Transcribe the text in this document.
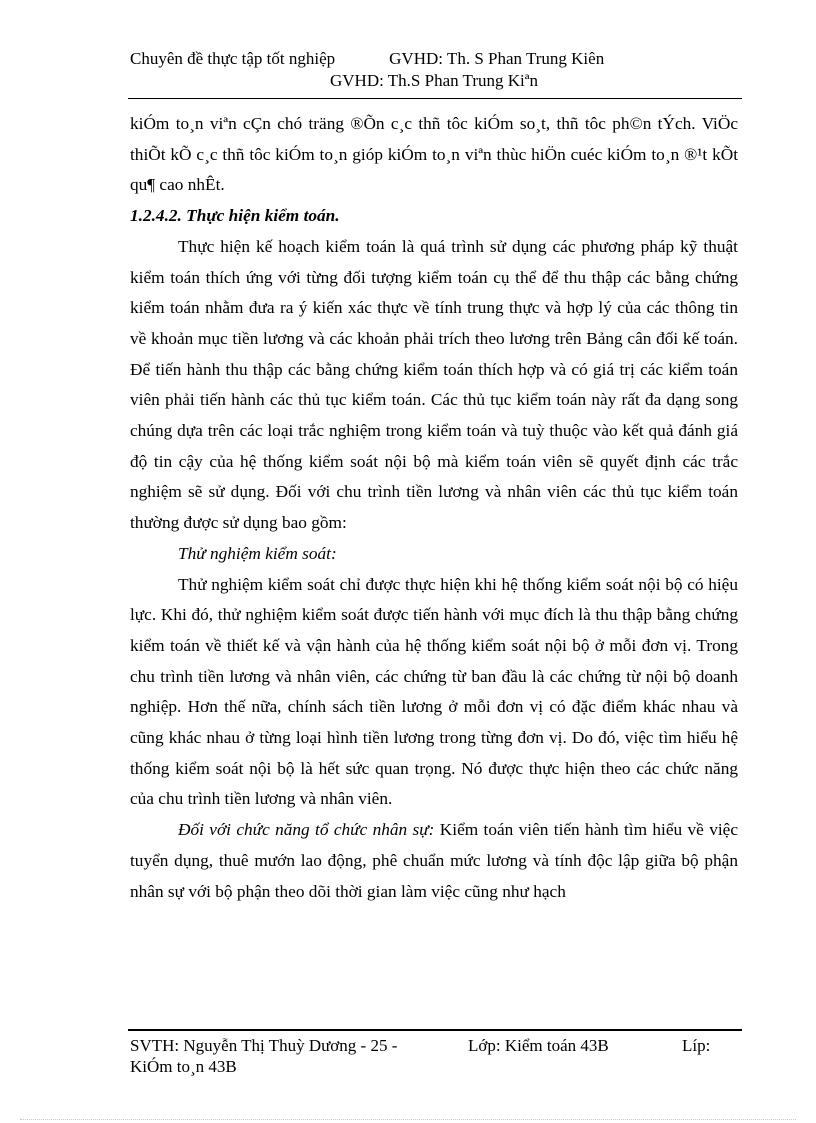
Chuyên đề thực tập tốt nghiệp	GVHD: Th. S Phan Trung Kiên
GVHD: Th.S Phan Trung Kiªn

kiÓm to¸n viªn cÇn chó träng ®Õn c¸c thñ tôc kiÓm so¸t, thñ tôc ph©n tÝch. ViÖc thiÕt kÕ c¸c thñ tôc kiÓm to¸n gióp kiÓm to¸n viªn thùc hiÖn cuéc kiÓm to¸n ®¹t kÕt qu¶ cao nhÊt.

1.2.4.2. Thực hiện kiểm toán.

Thực hiện kế hoạch kiểm toán là quá trình sử dụng các phương pháp kỹ thuật kiểm toán thích ứng với từng đối tượng kiểm toán cụ thể để thu thập các bằng chứng kiểm toán nhằm đưa ra ý kiến xác thực về tính trung thực và hợp lý của các thông tin về khoản mục tiền lương và các khoản phải trích theo lương trên Bảng cân đối kế toán. Để tiến hành thu thập các bằng chứng kiểm toán thích hợp và có giá trị các kiểm toán viên phải tiến hành các thủ tục kiểm toán. Các thủ tục kiểm toán này rất đa dạng song chúng dựa trên các loại trắc nghiệm trong kiểm toán và tuỳ thuộc vào kết quả đánh giá độ tin cậy của hệ thống kiểm soát nội bộ mà kiểm toán viên sẽ quyết định các trắc nghiệm sẽ sử dụng. Đối với chu trình tiền lương và nhân viên các thủ tục kiểm toán thường được sử dụng bao gồm:

Thử nghiệm kiểm soát:

Thử nghiệm kiểm soát chỉ được thực hiện khi hệ thống kiểm soát nội bộ có hiệu lực. Khi đó, thử nghiệm kiểm soát được tiến hành với mục đích là thu thập bằng chứng kiểm toán về thiết kế và vận hành của hệ thống kiểm soát nội bộ ở mỗi đơn vị. Trong chu trình tiền lương và nhân viên, các chứng từ ban đầu là các chứng từ nội bộ doanh nghiệp. Hơn thế nữa, chính sách tiền lương ở mỗi đơn vị có đặc điểm khác nhau và cũng khác nhau ở từng loại hình tiền lương trong từng đơn vị. Do đó, việc tìm hiểu hệ thống kiểm soát nội bộ là hết sức quan trọng. Nó được thực hiện theo các chức năng của chu trình tiền lương và nhân viên.

Đối với chức năng tổ chức nhân sự: Kiểm toán viên tiến hành tìm hiểu về việc tuyển dụng, thuê mướn lao động, phê chuẩn mức lương và tính độc lập giữa bộ phận nhân sự với bộ phận theo dõi thời gian làm việc cũng như hạch

SVTH: Nguyễn Thị Thuỳ Dương - 25 -	Lớp: Kiểm toán 43B	Líp:
KiÓm to¸n 43B
